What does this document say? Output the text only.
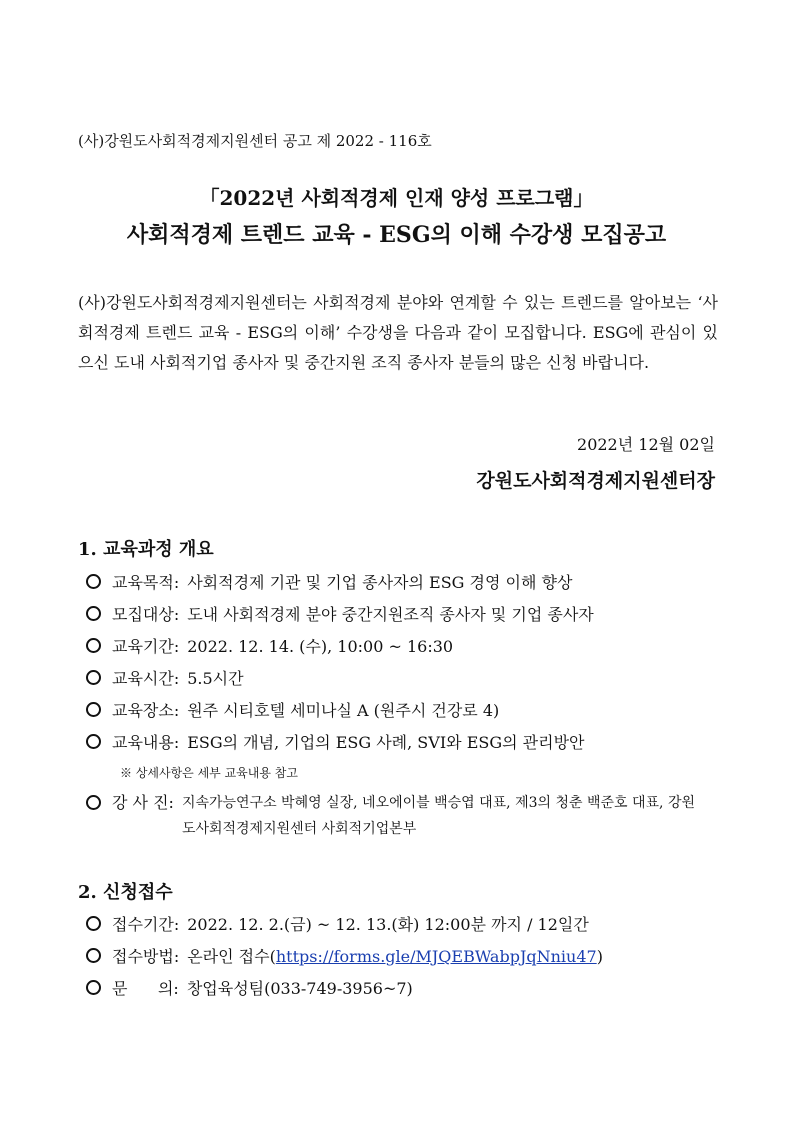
(사)강원도사회적경제지원센터 공고 제 2022 - 116호
「2022년 사회적경제 인재 양성 프로그램」
사회적경제 트렌드 교육 - ESG의 이해 수강생 모집공고
(사)강원도사회적경제지원센터는 사회적경제 분야와 연계할 수 있는 트렌드를 알아보는 ‘사회적경제 트렌드 교육 - ESG의 이해’ 수강생을 다음과 같이 모집합니다. ESG에 관심이 있으신 도내 사회적기업 종사자 및 중간지원 조직 종사자 분들의 많은 신청 바랍니다.
2022년 12월 02일
강원도사회적경제지원센터장
1. 교육과정 개요
교육목적: 사회적경제 기관 및 기업 종사자의 ESG 경영 이해 향상
모집대상: 도내 사회적경제 분야 중간지원조직 종사자 및 기업 종사자
교육기간: 2022. 12. 14. (수), 10:00 ~ 16:30
교육시간: 5.5시간
교육장소: 원주 시티호텔 세미나실 A (원주시 건강로 4)
교육내용: ESG의 개념, 기업의 ESG 사례, SVI와 ESG의 관리방안
※ 상세사항은 세부 교육내용 참고
강 사 진: 지속가능연구소 박혜영 실장, 네오에이블 백승엽 대표, 제3의 청춘 백준호 대표, 강원도사회적경제지원센터 사회적기업본부
2. 신청접수
접수기간: 2022. 12. 2.(금) ~ 12. 13.(화) 12:00분 까지 / 12일간
접수방법: 온라인 접수( https://forms.gle/MJQEBWabpJqNniu47 )
문      의: 창업육성팀(033-749-3956~7)
